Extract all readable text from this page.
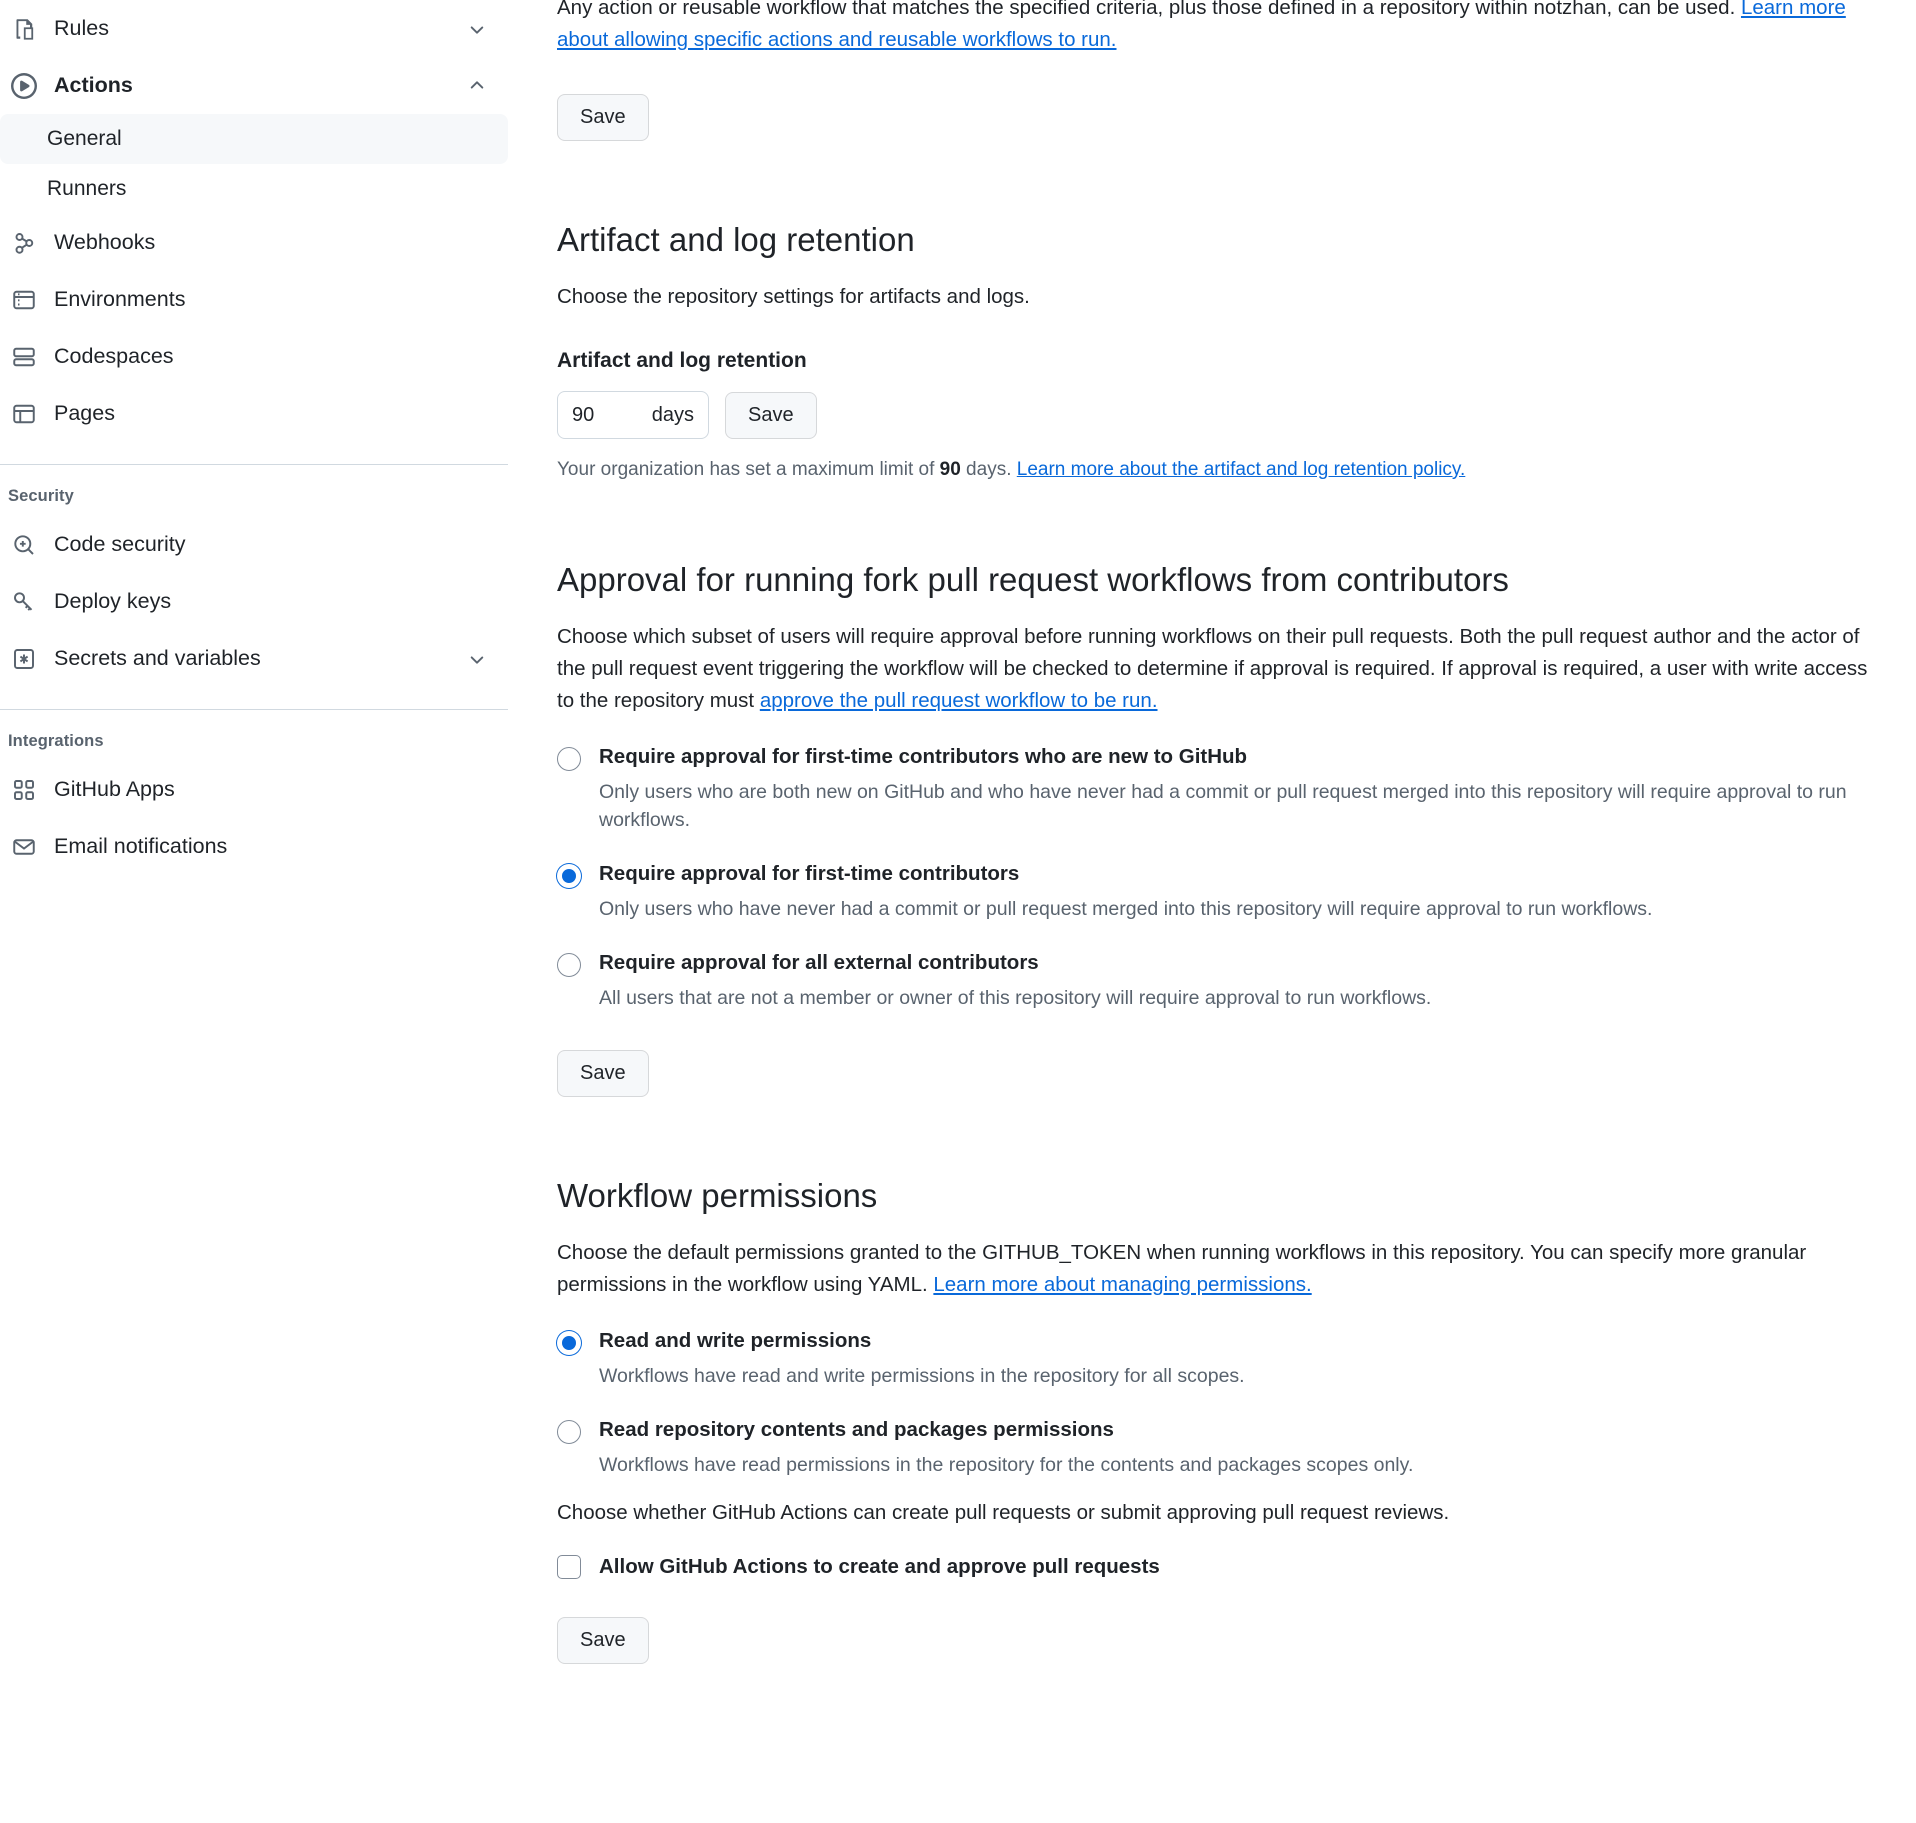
Rules
Actions
General
Runners
Webhooks
Environments
Codespaces
Pages
Security
Code security
Deploy keys
Secrets and variables
Integrations
GitHub Apps
Email notifications

Any action or reusable workflow that matches the specified criteria, plus those defined in a repository within notzhan, can be used. Learn more about allowing specific actions and reusable workflows to run.

Save
Artifact and log retention

Choose the repository settings for artifacts and logs.

Artifact and log retention
90	days	Save

Your organization has set a maximum limit of 90 days. Learn more about the artifact and log retention policy.

Approval for running fork pull request workflows from contributors

Choose which subset of users will require approval before running workflows on their pull requests. Both the pull request author and the actor of the pull request event triggering the workflow will be checked to determine if approval is required. If approval is required, a user with write access to the repository must approve the pull request workflow to be run.

Require approval for first-time contributors who are new to GitHub
Only users who are both new on GitHub and who have never had a commit or pull request merged into this repository will require approval to run workflows.
Require approval for first-time contributors
Only users who have never had a commit or pull request merged into this repository will require approval to run workflows.
Require approval for all external contributors
All users that are not a member or owner of this repository will require approval to run workflows.
Save
Workflow permissions

Choose the default permissions granted to the GITHUB_TOKEN when running workflows in this repository. You can specify more granular permissions in the workflow using YAML. Learn more about managing permissions.

Read and write permissions
Workflows have read and write permissions in the repository for all scopes.
Read repository contents and packages permissions
Workflows have read permissions in the repository for the contents and packages scopes only.

Choose whether GitHub Actions can create pull requests or submit approving pull request reviews.

Allow GitHub Actions to create and approve pull requests
Save
